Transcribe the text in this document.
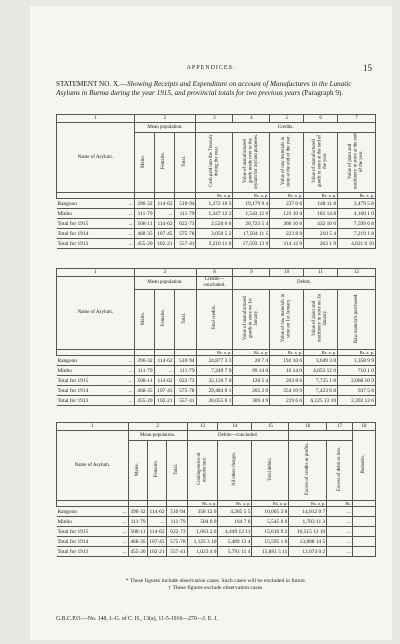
APPENDICES.	15
STATEMENT NO. X.—Showing Receipts and Expenditure on account of Manufactures in the Lunatic Asylums in Burma during the year 1915, and provincial totals for two previous years (Paragraph 9).
1	2			3	4	5	6	7
Name of Asylum.	Mean population.			Credits.				
	Males.	Females.	Total.	Cash paid into the Treasury during the year.	Value of manufactured goods made over to the asylum for asylum purposes.	Value of raw materials in store at the end of the year.	Value of manufactured goods in store at the end of the year.	Value of plant and machinery in store at the end of the year.
				Rs. a. p.	Rs. a. p.	Rs. a. p.	Rs. a. p.	Rs. a. p.
Rangoon ...	396·32	114·62	510·94	1,272 10 3	19,179 9 4	237 0 6	148 11 8	3,479 5 8
Minbu ...	111·79	...	111·79	1,247 12 3	1,543 12 0	123 10 0	183 14 8	4,160 1 0
Total for 1915 ...	508·11	114·62	622·73	2,520 6 6	20,723 5 4	360 10 6	432 10 0	7,599 6 8
Total for 1914 ...	468·35	107·45	575·78	3,050 5 2	17,504 11 5	223 8 0	210 5 4	7,219 1 8
Total for 1913 ...	455·20	102·21	557·41	3,210 11 0	17,503 13 9	314 12 9	263 1 9	4,821 0 10
1	2			8	9	10	11	12
Name of Asylum.	Mean population.			Credits—concluded.	Debits.			
	Males.	Females.	Total.	Total credits.	Value of manufactured goods in store on 1st January.	Value of raw materials in store on 1st January.	Value of plant and machinery in store on 1st January.	Raw materials purchased.
				Rs. a. p.	Rs. a. p.	Rs. a. p.	Rs. a. p.	Rs. a. p.
Rangoon ...	396·32	114·62	510·94	24,877 3 3	20 7 4	192 10 6	3,649 3 8	1,358 9 9
Minbu ...	111·79	...	111·79	7,249 7 9	99 14 0	10 14 0	4,053 12 0	710 1 0
Total for 1915 ...	508·11	114·62	622·73	32,126 7 0	120 5 4	203 8 6	7,725 1 8	2,068 10 9
Total for 1914 ...	468·35	107·45	575·78	29,484 0 1	265 2 9	354 10 9	7,423 6 8	937 5 6
Total for 1913 ...	455·20	102·21	557·41	28,055 6 1	309 4 9	219 6 6	6,125 13 10	2,392 12 6
1	2			13	14	15	16	17	18
Name of Asylum.	Mean population.			Debits—concluded.					Remarks.
	Males.	Females.	Total.	Contingencies of manufacture.	All other charges.	Total debits.	Excess of credits or profits.	Excess of debit or loss.	
				Rs. a. p.	Rs. a. p.	Rs. a. p.	Rs. a. p.	Rs.	
Rangoon ...	396·32	114·62	510·94	358 12 0	4,285 5 5	10,065 2 8	14,812 0 7	...	
Minbu ...	111·79	...	111·79	504 6 0	164 7 6	5,545 6 6	1,703 11 3	...	
Total for 1915 ...	508·11	114·62	622·73	1,063 2 0	4,449 12 11	15,610 9 2	16,515 13 10	...	
Total for 1914 ...	468·35	107·45	575·78	1,125 3 10	5,489 13 4	15,595 1 8	13,888 14 5	...	
Total for 1913 ...	455·20	102·21	557·41	1,023 4 0	5,791 11 4	15,881 5 11	12,074 0 2	...	
* These figures include observation cases. Such cases will be excluded in future.
† These figures exclude observation cases.
G.B.C.P.O.—No. 148, I.-G. of C. H., 13(a), 11-5-1916—270—J. E. J.
